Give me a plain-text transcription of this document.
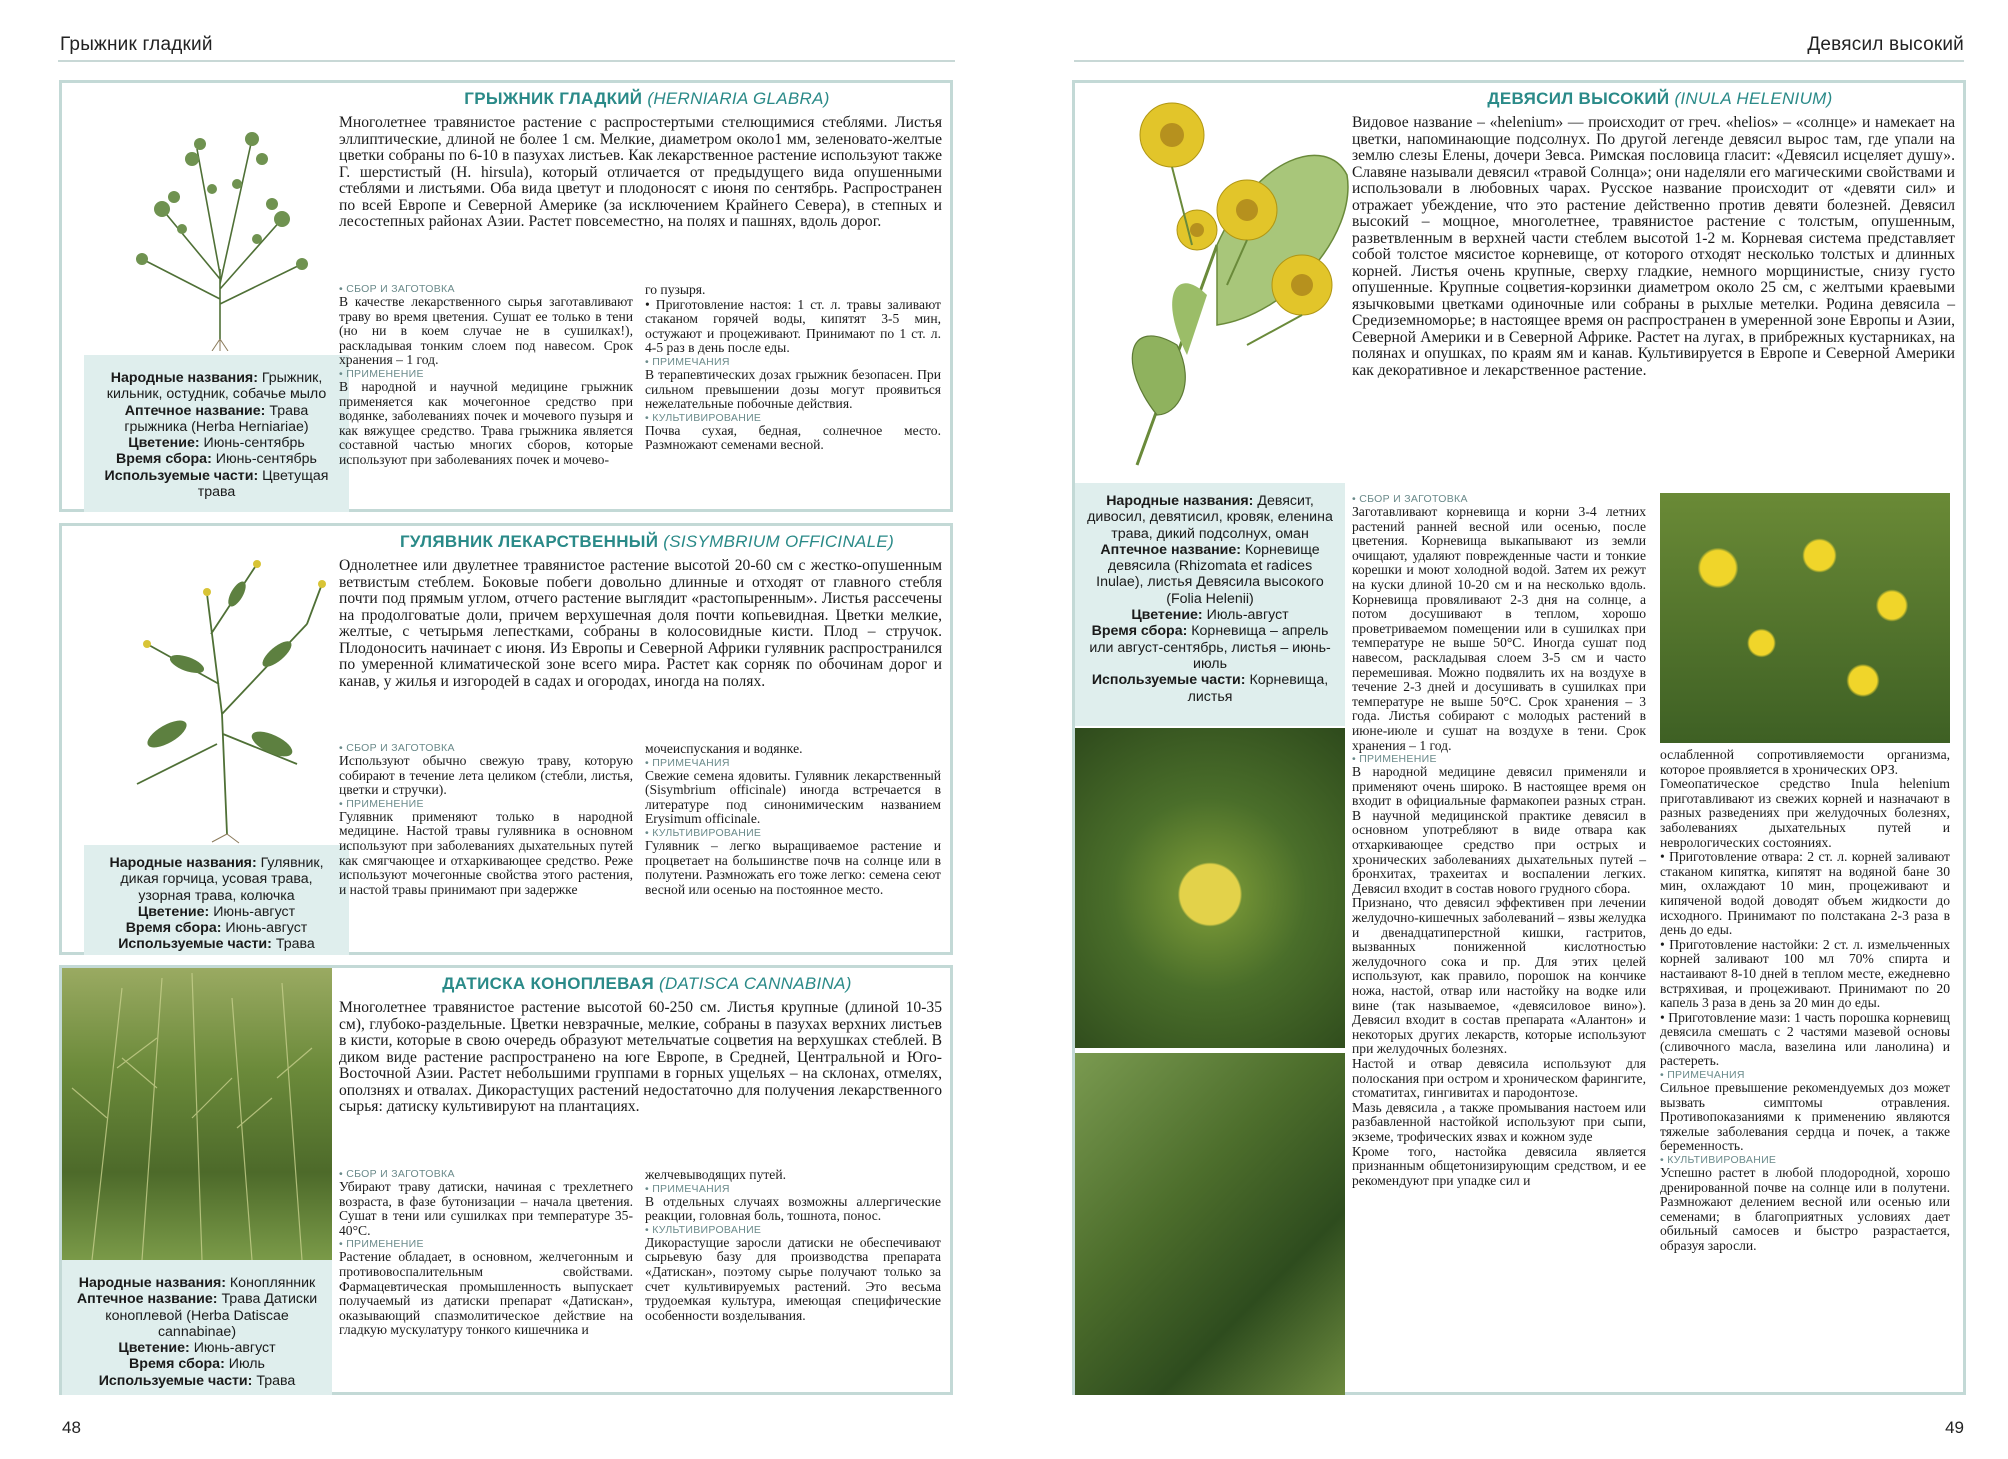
Грыжник гладкий	Девясил высокий

Народные названия: Грыжник, кильник, остудник, собачье мыло

Аптечное название: Трава грыжника (Herba Herniariae)

Цветение: Июнь-сентябрь

Время сбора: Июнь-сентябрь

Используемые части: Цветущая трава

ГРЫЖНИК ГЛАДКИЙ (HERNIARIA GLABRA)

Многолетнее травянистое растение с распростертыми стелющимися стеблями. Листья эллиптические, длиной не более 1 см. Мелкие, диаметром около1 мм, зеленовато-желтые цветки собраны по 6-10 в пазухах листьев. Как лекарственное растение используют также Г. шерстистый (H. hirsula), который отличается от предыдущего вида опушенными стеблями и листьями. Оба вида цветут и плодоносят с июня по сентябрь. Распространен по всей Европе и Северной Америке (за исключением Крайнего Севера), в степных и лесостепных районах Азии. Растет повсеместно, на полях и пашнях, вдоль дорог.

• СБОР И ЗАГОТОВКА

В качестве лекарственного сырья заготавливают траву во время цветения. Сушат ее только в тени (но ни в коем случае не в сушилках!), раскладывая тонким слоем под навесом. Срок хранения – 1 год.

• ПРИМЕНЕНИЕ

В народной и научной медицине грыжник применяется как мочегонное средство при водянке, заболеваниях почек и мочевого пузыря и как вяжущее средство. Трава грыжника является составной частью многих сборов, которые используют при заболеваниях почек и мочево-

го пузыря.

• Приготовление настоя: 1 ст. л. травы заливают стаканом горячей воды, кипятят 3-5 мин, остужают и процеживают. Принимают по 1 ст. л. 4-5 раз в день после еды.

• ПРИМЕЧАНИЯ

В терапевтических дозах грыжник безопасен. При сильном превышении дозы могут проявиться нежелательные побочные действия.

• КУЛЬТИВИРОВАНИЕ

Почва сухая, бедная, солнечное место. Размножают семенами весной.

Народные названия: Гулявник, дикая горчица, усовая трава, узорная трава, колючка

Цветение: Июнь-август

Время сбора: Июнь-август

Используемые части: Трава

ГУЛЯВНИК ЛЕКАРСТВЕННЫЙ (SISYMBRIUM OFFICINALE)

Однолетнее или двулетнее травянистое растение высотой 20-60 см с жестко-опушенным ветвистым стеблем. Боковые побеги довольно длинные и отходят от главного стебля почти под прямым углом, отчего растение выглядит «растопыренным». Листья рассечены на продолговатые доли, причем верхушечная доля почти копьевидная. Цветки мелкие, желтые, с четырьмя лепестками, собраны в колосовидные кисти. Плод – стручок. Плодоносить начинает с июня. Из Европы и Северной Африки гулявник распространился по умеренной климатической зоне всего мира. Растет как сорняк по обочинам дорог и канав, у жилья и изгородей в садах и огородах, иногда на полях.

• СБОР И ЗАГОТОВКА

Используют обычно свежую траву, которую собирают в течение лета целиком (стебли, листья, цветки и стручки).

• ПРИМЕНЕНИЕ

Гулявник применяют только в народной медицине. Настой травы гулявника в основном используют при заболеваниях дыхательных путей как смягчающее и отхаркивающее средство. Реже используют мочегонные свойства этого растения, и настой травы принимают при задержке

мочеиспускания и водянке.

• ПРИМЕЧАНИЯ

Свежие семена ядовиты. Гулявник лекарственный (Sisymbrium officinale) иногда встречается в литературе под синонимическим названием Erysimum officinale.

• КУЛЬТИВИРОВАНИЕ

Гулявник – легко выращиваемое растение и процветает на большинстве почв на солнце или в полутени. Размножать его тоже легко: семена сеют весной или осенью на постоянное место.

Народные названия: Коноплянник

Аптечное название: Трава Датиски коноплевой (Herba Datiscae cannabinae)

Цветение: Июнь-август

Время сбора: Июль

Используемые части: Трава

ДАТИСКА КОНОПЛЕВАЯ (DATISCA CANNABINA)

Многолетнее травянистое растение высотой 60-250 см. Листья крупные (длиной 10-35 см), глубоко-раздельные. Цветки невзрачные, мелкие, собраны в пазухах верхних листьев в кисти, которые в свою очередь образуют метельчатые соцветия на верхушках стеблей. В диком виде растение распространено на юге Европе, в Средней, Центральной и Юго-Восточной Азии. Растет небольшими группами в горных ущельях – на склонах, отмелях, оползнях и отвалах. Дикорастущих растений недостаточно для получения лекарственного сырья: датиску культивируют на плантациях.

• СБОР И ЗАГОТОВКА

Убирают траву датиски, начиная с трехлетнего возраста, в фазе бутонизации – начала цветения. Сушат в тени или сушилках при температуре 35-40°С.

• ПРИМЕНЕНИЕ

Растение обладает, в основном, желчегонным и противовоспалительным свойствами. Фармацевтическая промышленность выпускает получаемый из датиски препарат «Датискан», оказывающий спазмолитическое действие на гладкую мускулатуру тонкого кишечника и

желчевыводящих путей.

• ПРИМЕЧАНИЯ

В отдельных случаях возможны аллергические реакции, головная боль, тошнота, понос.

• КУЛЬТИВИРОВАНИЕ

Дикорастущие заросли датиски не обеспечивают сырьевую базу для производства препарата «Датискан», поэтому сырье получают только за счет культивируемых растений. Это весьма трудоемкая культура, имеющая специфические особенности возделывания.

Народные названия: Девясит, дивосил, девятисил, кровяк, еленина трава, дикий подсолнух, оман

Аптечное название: Корневище девясила (Rhizomata et radices Inulae), листья Девясила высокого (Folia Helenii)

Цветение: Июль-август

Время сбора: Корневища – апрель или август-сентябрь, листья – июнь-июль

Используемые части: Корневища, листья

ДЕВЯСИЛ ВЫСОКИЙ (INULA HELENIUM)

Видовое название – «helenium» — происходит от греч. «helios» – «солнце» и намекает на цветки, напоминающие подсолнух. По другой легенде девясил вырос там, где упали на землю слезы Елены, дочери Зевса. Римская пословица гласит: «Девясил исцеляет душу». Славяне называли девясил «травой Солнца»; они наделяли его магическими свойствами и использовали в любовных чарах. Русское название происходит от «девяти сил» и отражает убеждение, что это растение действенно против девяти болезней. Девясил высокий – мощное, многолетнее, травянистое растение с толстым, опушенным, разветвленным в верхней части стеблем высотой 1-2 м. Корневая система представляет собой толстое мясистое корневище, от которого отходят несколько толстых и длинных корней. Листья очень крупные, сверху гладкие, немного морщинистые, снизу густо опушенные. Крупные соцветия-корзинки диаметром около 25 см, с желтыми краевыми язычковыми цветками одиночные или собраны в рыхлые метелки. Родина девясила – Средиземноморье; в настоящее время он распространен в умеренной зоне Европы и Азии, Северной Америки и в Северной Африке. Растет на лугах, в прибрежных кустарниках, на полянах и опушках, по краям ям и канав. Культивируется в Европе и Северной Америки как декоративное и лекарственное растение.

• СБОР И ЗАГОТОВКА

Заготавливают корневища и корни 3-4 летних растений ранней весной или осенью, после цветения. Корневища выкапывают из земли очищают, удаляют поврежденные части и тонкие корешки и моют холодной водой. Затем их режут на куски длиной 10-20 см и на несколько вдоль. Корневища провяливают 2-3 дня на солнце, а потом досушивают в теплом, хорошо проветриваемом помещении или в сушилках при температуре не выше 50°С. Иногда сушат под навесом, раскладывая слоем 3-5 см и часто перемешивая. Можно подвялить их на воздухе в течение 2-3 дней и досушивать в сушилках при температуре не выше 50°С. Срок хранения – 3 года. Листья собирают с молодых растений в июне-июле и сушат на воздухе в тени. Срок хранения – 1 год.

• ПРИМЕНЕНИЕ

В народной медицине девясил применяли и применяют очень широко. В настоящее время он входит в официальные фармакопеи разных стран. В научной медицинской практике девясил в основном употребляют в виде отвара как отхаркивающее средство при острых и хронических заболеваниях дыхательных путей – бронхитах, трахеитах и воспалении легких. Девясил входит в состав нового грудного сбора.

Признано, что девясил эффективен при лечении желудочно-кишечных заболеваний – язвы желудка и двенадцатиперстной кишки, гастритов, вызванных пониженной кислотностью желудочного сока и пр. Для этих целей используют, как правило, порошок на кончике ножа, настой, отвар или настойку на водке или вине (так называемое, «девясиловое вино»). Девясил входит в состав препарата «Алантон» и некоторых других лекарств, которые используют при желудочных болезнях.

Настой и отвар девясила используют для полоскания при остром и хроническом фарингите, стоматитах, гингивитах и пародонтозе.

Мазь девясила , а также промывания настоем или разбавленной настойкой используют при сыпи, экземе, трофических язвах и кожном зуде

Кроме того, настойка девясила является признанным общетонизирующим средством, и ее рекомендуют при упадке сил и

ослабленной сопротивляемости организма, которое проявляется в хронических ОРЗ.

Гомеопатическое средство Inula helenium приготавливают из свежих корней и назначают в разных разведениях при желудочных болезнях, заболеваниях дыхательных путей и неврологических состояниях.

• Приготовление отвара: 2 ст. л. корней заливают стаканом кипятка, кипятят на водяной бане 30 мин, охлаждают 10 мин, процеживают и кипяченой водой доводят объем жидкости до исходного. Принимают по полстакана 2-3 раза в день до еды.

• Приготовление настойки: 2 ст. л. измельченных корней заливают 100 мл 70% спирта и настаивают 8-10 дней в теплом месте, ежедневно встряхивая, и процеживают. Принимают по 20 капель 3 раза в день за 20 мин до еды.

• Приготовление мази: 1 часть порошка корневищ девясила смешать с 2 частями мазевой основы (сливочного масла, вазелина или ланолина) и растереть.

• ПРИМЕЧАНИЯ

Сильное превышение рекомендуемых доз может вызвать симптомы отравления. Противопоказаниями к применению являются тяжелые заболевания сердца и почек, а также беременность.

• КУЛЬТИВИРОВАНИЕ

Успешно растет в любой плодородной, хорошо дренированной почве на солнце или в полутени. Размножают делением весной или осенью или семенами; в благоприятных условиях дает обильный самосев и быстро разрастается, образуя заросли.

48	49
